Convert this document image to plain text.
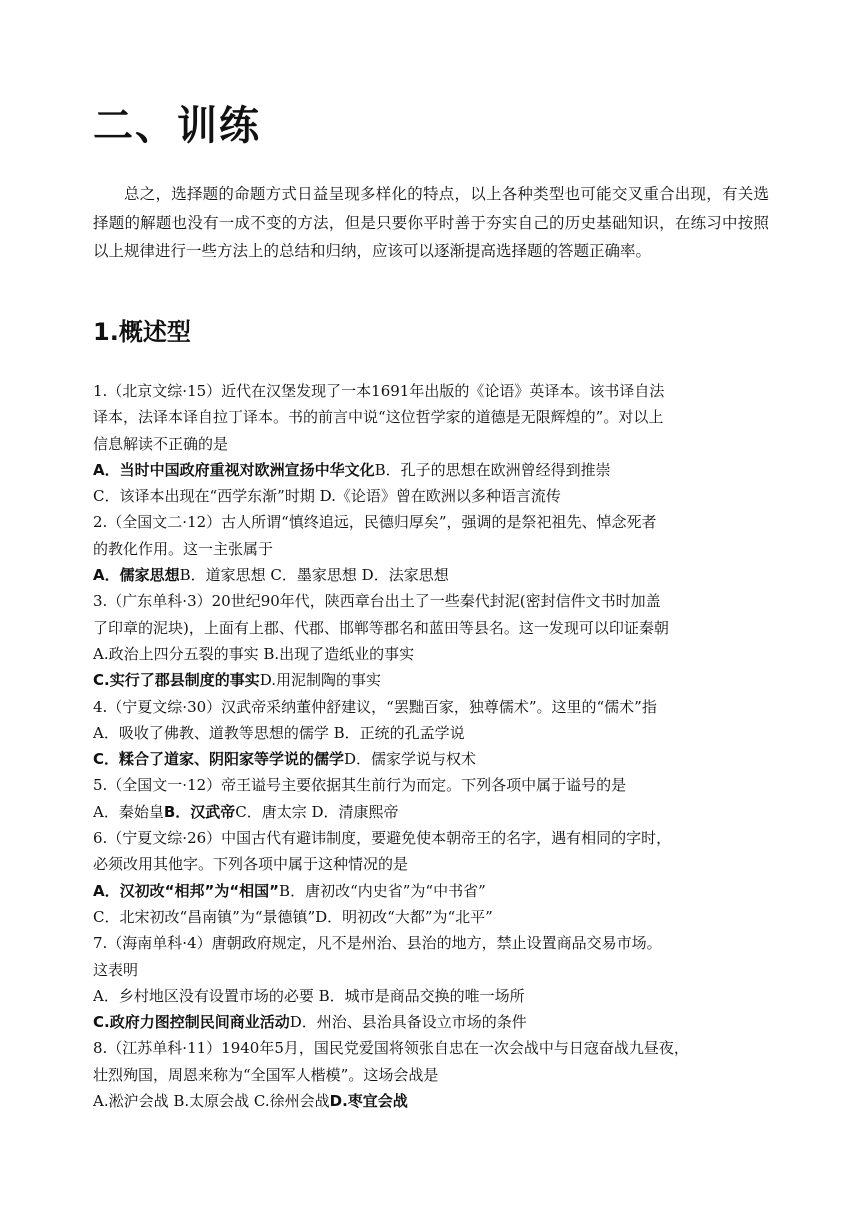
二、训练

总之，选择题的命题方式日益呈现多样化的特点，以上各种类型也可能交叉重合出现，有关选择题的解题也没有一成不变的方法，但是只要你平时善于夯实自己的历史基础知识，在练习中按照以上规律进行一些方法上的总结和归纳，应该可以逐渐提高选择题的答题正确率。

1.概述型
1.（北京文综·15）近代在汉堡发现了一本1691年出版的《论语》英译本。该书译自法
译本，法译本译自拉丁译本。书的前言中说“这位哲学家的道德是无限辉煌的”。对以上
信息解读不正确的是
A．当时中国政府重视对欧洲宣扬中华文化B．孔子的思想在欧洲曾经得到推崇
C．该译本出现在“西学东渐”时期 D.《论语》曾在欧洲以多种语言流传
2.（全国文二·12）古人所谓“慎终追远，民德归厚矣”，强调的是祭祀祖先、悼念死者
的教化作用。这一主张属于
A．儒家思想B．道家思想 C．墨家思想 D．法家思想
3.（广东单科·3）20世纪90年代，陕西章台出土了一些秦代封泥(密封信件文书时加盖
了印章的泥块)，上面有上郡、代郡、邯郸等郡名和蓝田等县名。这一发现可以印证秦朝
A.政治上四分五裂的事实 B.出现了造纸业的事实
C.实行了郡县制度的事实D.用泥制陶的事实
4.（宁夏文综·30）汉武帝采纳董仲舒建议，“罢黜百家，独尊儒术”。这里的“儒术”指
A．吸收了佛教、道教等思想的儒学 B．正统的孔孟学说
C．糅合了道家、阴阳家等学说的儒学D．儒家学说与权术
5.（全国文一·12）帝王谥号主要依据其生前行为而定。下列各项中属于谥号的是
A．秦始皇B．汉武帝C．唐太宗 D．清康熙帝
6.（宁夏文综·26）中国古代有避讳制度，要避免使本朝帝王的名字，遇有相同的字时，
必须改用其他字。下列各项中属于这种情况的是
A．汉初改“相邦”为“相国”B．唐初改“内史省”为“中书省”
C．北宋初改“昌南镇”为“景德镇”D．明初改“大都”为“北平”
7.（海南单科·4）唐朝政府规定，凡不是州治、县治的地方，禁止设置商品交易市场。
这表明
A．乡村地区没有设置市场的必要 B．城市是商品交换的唯一场所
C.政府力图控制民间商业活动D．州治、县治具备设立市场的条件
8.（江苏单科·11）1940年5月，国民党爱国将领张自忠在一次会战中与日寇奋战九昼夜，
壮烈殉国，周恩来称为“全国军人楷模”。这场会战是
A.淞沪会战 B.太原会战 C.徐州会战D.枣宜会战
